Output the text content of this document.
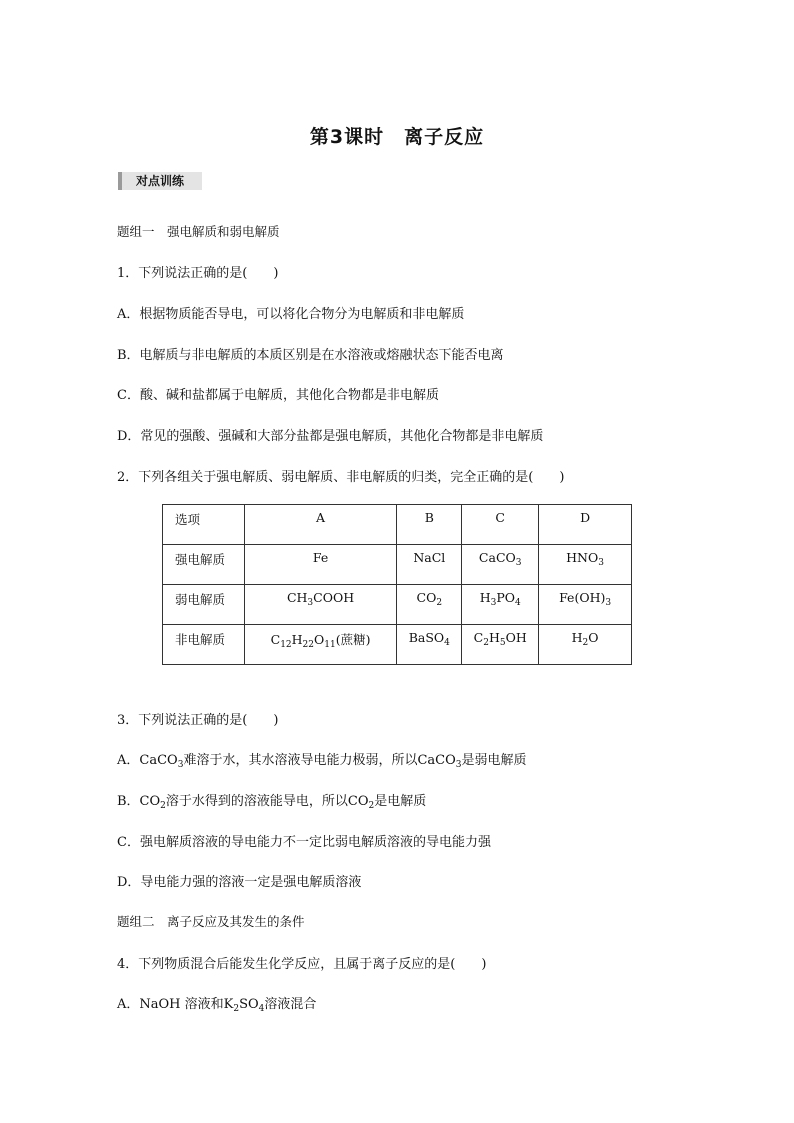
第3课时　离子反应
对点训练
题组一　强电解质和弱电解质
1．下列说法正确的是(　　)
A．根据物质能否导电，可以将化合物分为电解质和非电解质
B．电解质与非电解质的本质区别是在水溶液或熔融状态下能否电离
C．酸、碱和盐都属于电解质，其他化合物都是非电解质
D．常见的强酸、强碱和大部分盐都是强电解质，其他化合物都是非电解质
2．下列各组关于强电解质、弱电解质、非电解质的归类，完全正确的是(　　)
选项	A	B	C	D
强电解质	Fe	NaCl	CaCO$_3$	$HNO_3$
弱电解质	$CH_3COOH$	$CO_2$	$H_3PO_4$	$Fe(OH)_3$
非电解质	$C_{12}H_{22}O_{11}$(蔗糖)	BaSO$_4$	$C_2H_5OH$	$H_2O$
3．下列说法正确的是(　　)
A．CaCO$_3$难溶于水，其水溶液导电能力极弱，所以CaCO$_3$是弱电解质
B．$CO_2$溶于水得到的溶液能导电，所以$CO_2$是电解质
C．强电解质溶液的导电能力不一定比弱电解质溶液的导电能力强
D．导电能力强的溶液一定是强电解质溶液
题组二　离子反应及其发生的条件
4．下列物质混合后能发生化学反应，且属于离子反应的是(　　)
A．NaOH 溶液和$K_2SO_4$溶液混合
